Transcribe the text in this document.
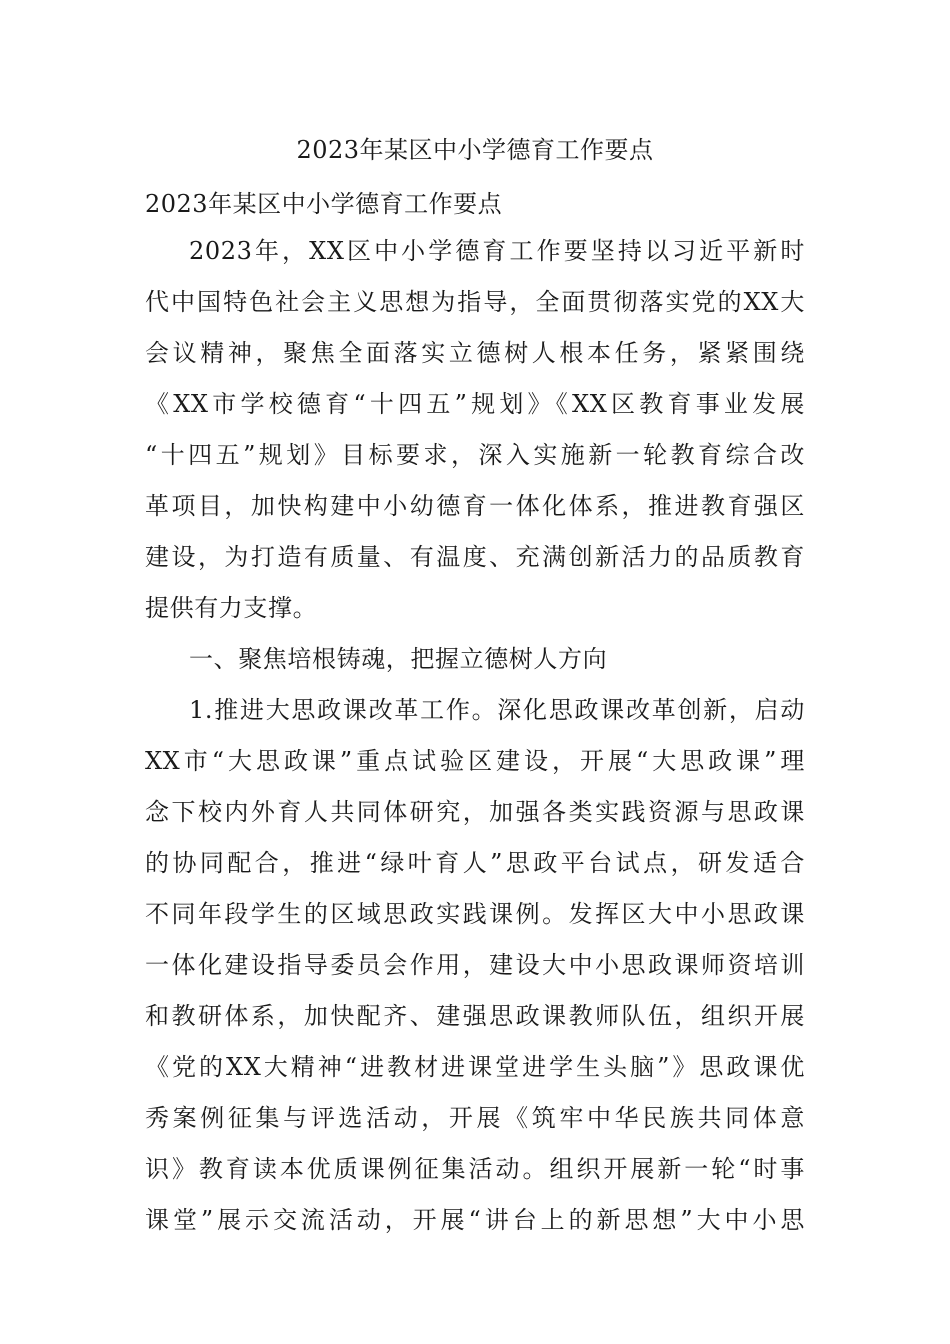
2023年某区中小学德育工作要点

2023年某区中小学德育工作要点

2023年，XX区中小学德育工作要坚持以习近平新时
代中国特色社会主义思想为指导，全面贯彻落实党的XX大
会议精神，聚焦全面落实立德树人根本任务，紧紧围绕
《XX市学校德育“十四五”规划》《XX区教育事业发展
“十四五”规划》目标要求，深入实施新一轮教育综合改
革项目，加快构建中小幼德育一体化体系，推进教育强区
建设，为打造有质量、有温度、充满创新活力的品质教育
提供有力支撑。

一、聚焦培根铸魂，把握立德树人方向

1.推进大思政课改革工作。深化思政课改革创新，启动
XX市“大思政课”重点试验区建设，开展“大思政课”理
念下校内外育人共同体研究，加强各类实践资源与思政课
的协同配合，推进“绿叶育人”思政平台试点，研发适合
不同年段学生的区域思政实践课例。发挥区大中小思政课
一体化建设指导委员会作用，建设大中小思政课师资培训
和教研体系，加快配齐、建强思政课教师队伍，组织开展
《党的XX大精神“进教材进课堂进学生头脑”》思政课优
秀案例征集与评选活动，开展《筑牢中华民族共同体意
识》教育读本优质课例征集活动。组织开展新一轮“时事
课堂”展示交流活动，开展“讲台上的新思想”大中小思
